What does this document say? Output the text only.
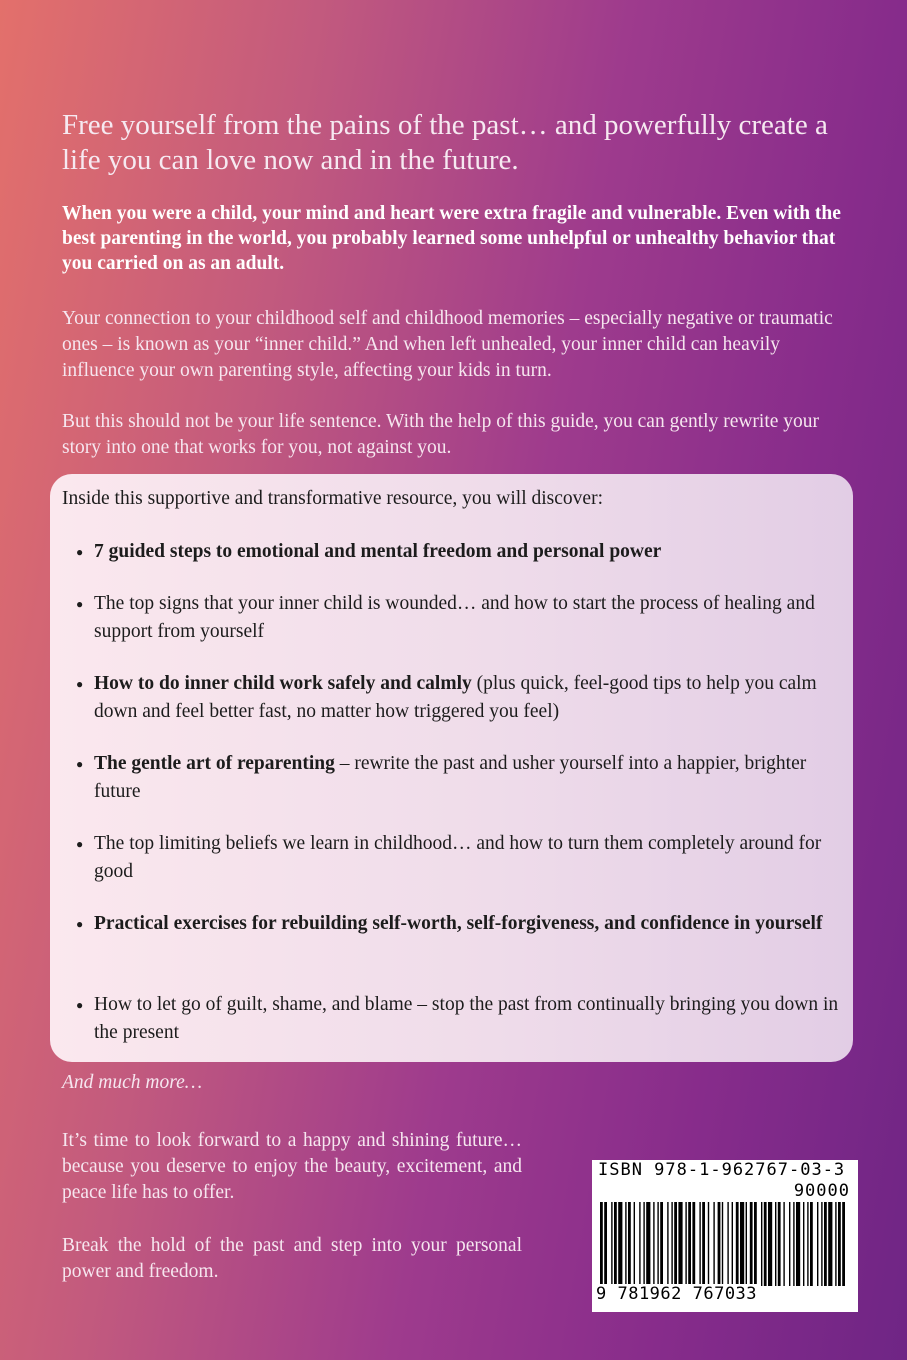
Free yourself from the pains of the past… and powerfully create a life you can love now and in the future.

When you were a child, your mind and heart were extra fragile and vulnerable. Even with the best parenting in the world, you probably learned some unhelpful or unhealthy behavior that you carried on as an adult.

Your connection to your childhood self and childhood memories – especially negative or traumatic ones – is known as your “inner child.” And when left unhealed, your inner child can heavily influence your own parenting style, affecting your kids in turn.

But this should not be your life sentence. With the help of this guide, you can gently rewrite your story into one that works for you, not against you.

Inside this supportive and transformative resource, you will discover:

● 7 guided steps to emotional and mental freedom and personal power
● The top signs that your inner child is wounded… and how to start the process of healing and support from yourself
● How to do inner child work safely and calmly (plus quick, feel-good tips to help you calm down and feel better fast, no matter how triggered you feel)
● The gentle art of reparenting – rewrite the past and usher yourself into a happier, brighter future
● The top limiting beliefs we learn in childhood… and how to turn them completely around for good
● Practical exercises for rebuilding self-worth, self-forgiveness, and confidence in yourself
● How to let go of guilt, shame, and blame – stop the past from continually bringing you down in the present

And much more…

It’s time to look forward to a happy and shining future… because you deserve to enjoy the beauty, excitement, and peace life has to offer.

Break the hold of the past and step into your personal power and freedom.

ISBN 978-1-962767-03-3
90000
9 781962 767033
